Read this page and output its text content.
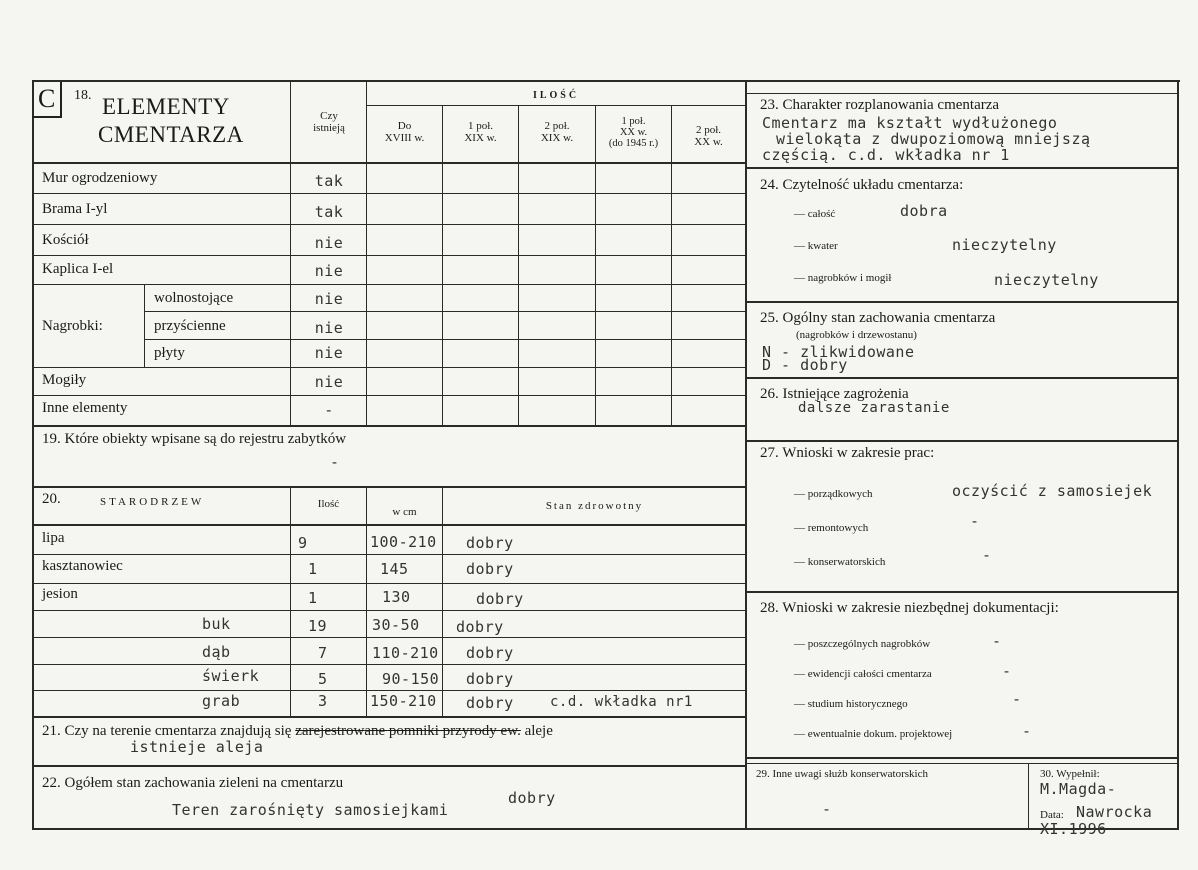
C 18. ELEMENTY
CMENTARZA
Czy
istnieją
ILOŚĆ
Do
XVIII w.
1 poł.
XIX w.
2 poł.
XIX w.
1 poł.
XX w.
(do 1945 r.)
2 poł.
XX w.
Mur ogrodzeniowy	tak
Brama I-yl	tak
Kościół	nie
Kaplica I-el	nie
Nagrobki:
wolnostojące	nie
przyścienne	nie
płyty	nie
Mogiły	nie
Inne elementy	-
19. Które obiekty wpisane są do rejestru zabytków
-
20.	STARODRZEW	Ilość
w cm	Stan zdrowotny
lipa	9	100-210 dobry
kasztanowiec	1	145	dobry
jesion	1	130	dobry
buk	19	30-50 dobry
dąb	7	110-210 dobry
świerk	5	90-150 dobry
grab	3	150-210 dobry	c.d. wkładka nr1
21. Czy na terenie cmentarza znajdują się zarejestrowane pomniki przyrody ew. aleje
istnieje aleja
22. Ogółem stan zachowania zieleni na cmentarzu
dobry
Teren zarośnięty samosiejkami
23. Charakter rozplanowania cmentarza
Cmentarz ma kształt wydłużonego
wielokąta z dwupoziomową mniejszą
częścią. c.d. wkładka nr 1
24. Czytelność układu cmentarza:
— całość	dobra
— kwater	nieczytelny
— nagrobków i mogił	nieczytelny
25. Ogólny stan zachowania cmentarza
(nagrobków i drzewostanu)
N - zlikwidowane
D - dobry
26. Istniejące zagrożenia
dalsze zarastanie
27. Wnioski w zakresie prac:
— porządkowych	oczyścić z samosiejek
— remontowych	-
— konserwatorskich	-
28. Wnioski w zakresie niezbędnej dokumentacji:
— poszczególnych nagrobków	-
— ewidencji całości cmentarza	-
— studium historycznego	-
— ewentualnie dokum. projektowej	-
29. Inne uwagi służb konserwatorskich
-
30. Wypełnił:
M.Magda-
Data: Nawrocka
XI.1996
